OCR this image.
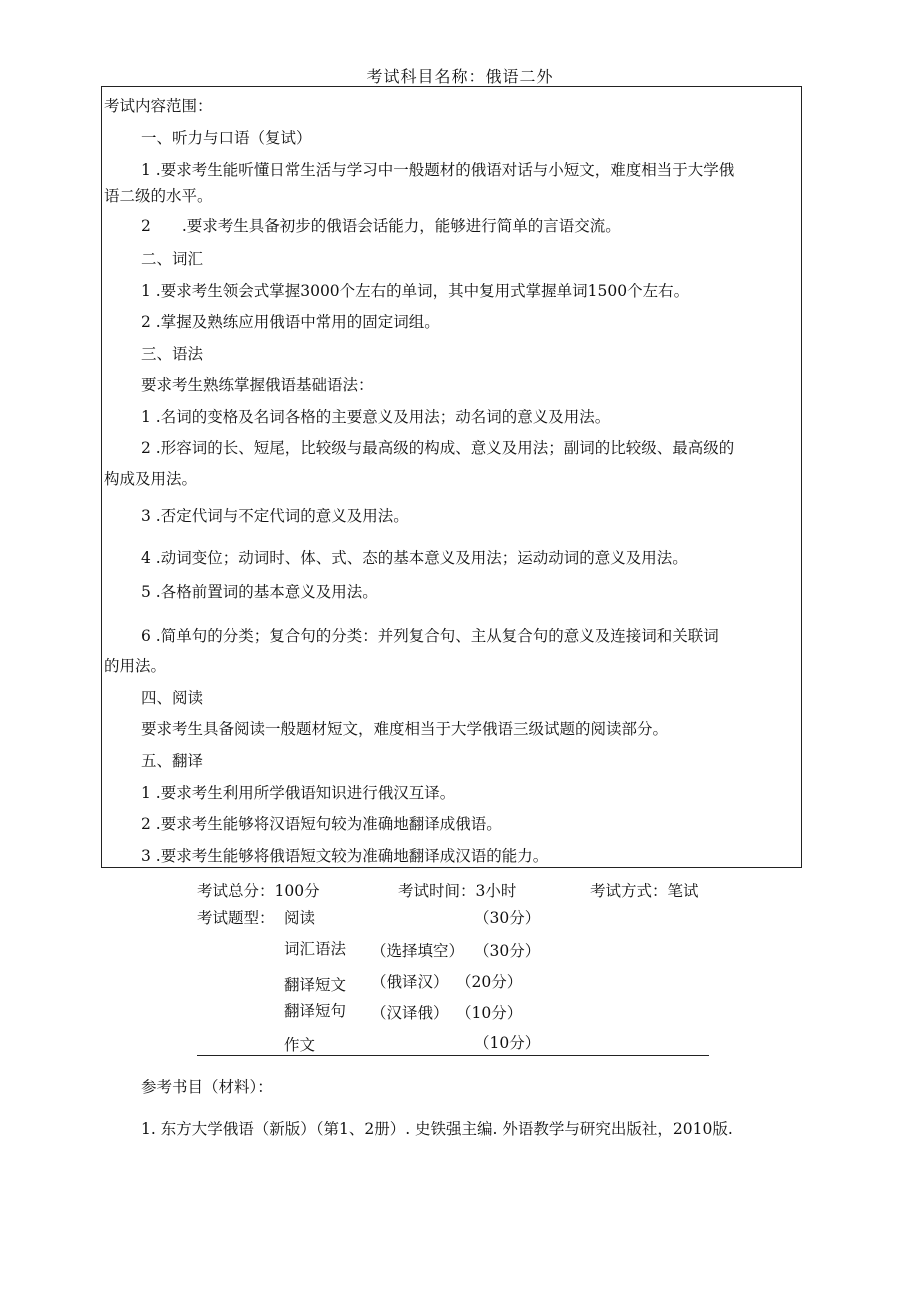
考试科目名称：俄语二外
考试内容范围：
一、听力与口语（复试）
1 .要求考生能听懂日常生活与学习中一般题材的俄语对话与小短文，难度相当于大学俄
语二级的水平。
2　　.要求考生具备初步的俄语会话能力，能够进行简单的言语交流。
二、词汇
1 .要求考生领会式掌握3000个左右的单词，其中复用式掌握单词1500个左右。
2 .掌握及熟练应用俄语中常用的固定词组。
三、语法
要求考生熟练掌握俄语基础语法：
1 .名词的变格及名词各格的主要意义及用法；动名词的意义及用法。
2 .形容词的长、短尾，比较级与最高级的构成、意义及用法；副词的比较级、最高级的
构成及用法。
3 .否定代词与不定代词的意义及用法。
4 .动词变位；动词时、体、式、态的基本意义及用法；运动动词的意义及用法。
5 .各格前置词的基本意义及用法。
6 .简单句的分类；复合句的分类：并列复合句、主从复合句的意义及连接词和关联词
的用法。
四、阅读
要求考生具备阅读一般题材短文，难度相当于大学俄语三级试题的阅读部分。
五、翻译
1 .要求考生利用所学俄语知识进行俄汉互译。
2 .要求考生能够将汉语短句较为准确地翻译成俄语。
3 .要求考生能够将俄语短文较为准确地翻译成汉语的能力。
考试总分：100分	考试时间：3小时	考试方式：笔试
考试题型： 阅读	（30分）
词汇语法 （选择填空） （30分）
翻译短文 （俄译汉） （20分）
翻译短句 （汉译俄） （10分）
作文	（10分）
参考书目（材料）：
1. 东方大学俄语（新版）（第1、2册）. 史铁强主编. 外语教学与研究出版社，2010版.
